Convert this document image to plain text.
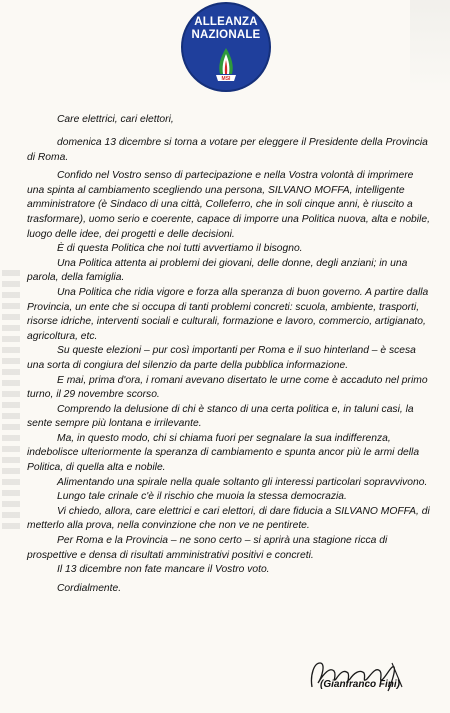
ALLEANZA
NAZIONALE
MSI
Care elettrici, cari elettori,

domenica 13 dicembre si torna a votare per eleggere il Presidente della Provincia di Roma.

Confido nel Vostro senso di partecipazione e nella Vostra volontà di imprimere una spinta al cambiamento scegliendo una persona, SILVANO MOFFA, intelligente amministratore (è Sindaco di una città, Colleferro, che in soli cinque anni, è riuscito a trasformare), uomo serio e coerente, capace di imporre una Politica nuova, alta e nobile, luogo delle idee, dei progetti e delle decisioni.

È di questa Politica che noi tutti avvertiamo il bisogno.

Una Politica attenta ai problemi dei giovani, delle donne, degli anziani; in una parola, della famiglia.

Una Politica che ridia vigore e forza alla speranza di buon governo. A partire dalla Provincia, un ente che si occupa di tanti problemi concreti: scuola, ambiente, trasporti, risorse idriche, interventi sociali e culturali, formazione e lavoro, commercio, artigianato, agricoltura, etc.

Su queste elezioni – pur così importanti per Roma e il suo hinterland – è scesa una sorta di congiura del silenzio da parte della pubblica informazione.

E mai, prima d'ora, i romani avevano disertato le urne come è accaduto nel primo turno, il 29 novembre scorso.

Comprendo la delusione di chi è stanco di una certa politica e, in taluni casi, la sente sempre più lontana e irrilevante.

Ma, in questo modo, chi si chiama fuori per segnalare la sua indifferenza, indebolisce ulteriormente la speranza di cambiamento e spunta ancor più le armi della Politica, di quella alta e nobile.

Alimentando una spirale nella quale soltanto gli interessi particolari sopravvivono.

Lungo tale crinale c'è il rischio che muoia la stessa democrazia.

Vi chiedo, allora, care elettrici e cari elettori, di dare fiducia a SILVANO MOFFA, di metterlo alla prova, nella convinzione che non ve ne pentirete.

Per Roma e la Provincia – ne sono certo – si aprirà una stagione ricca di prospettive e densa di risultati amministrativi positivi e concreti.

Il 13 dicembre non fate mancare il Vostro voto.

Cordialmente.

(Gianfranco Fini)
